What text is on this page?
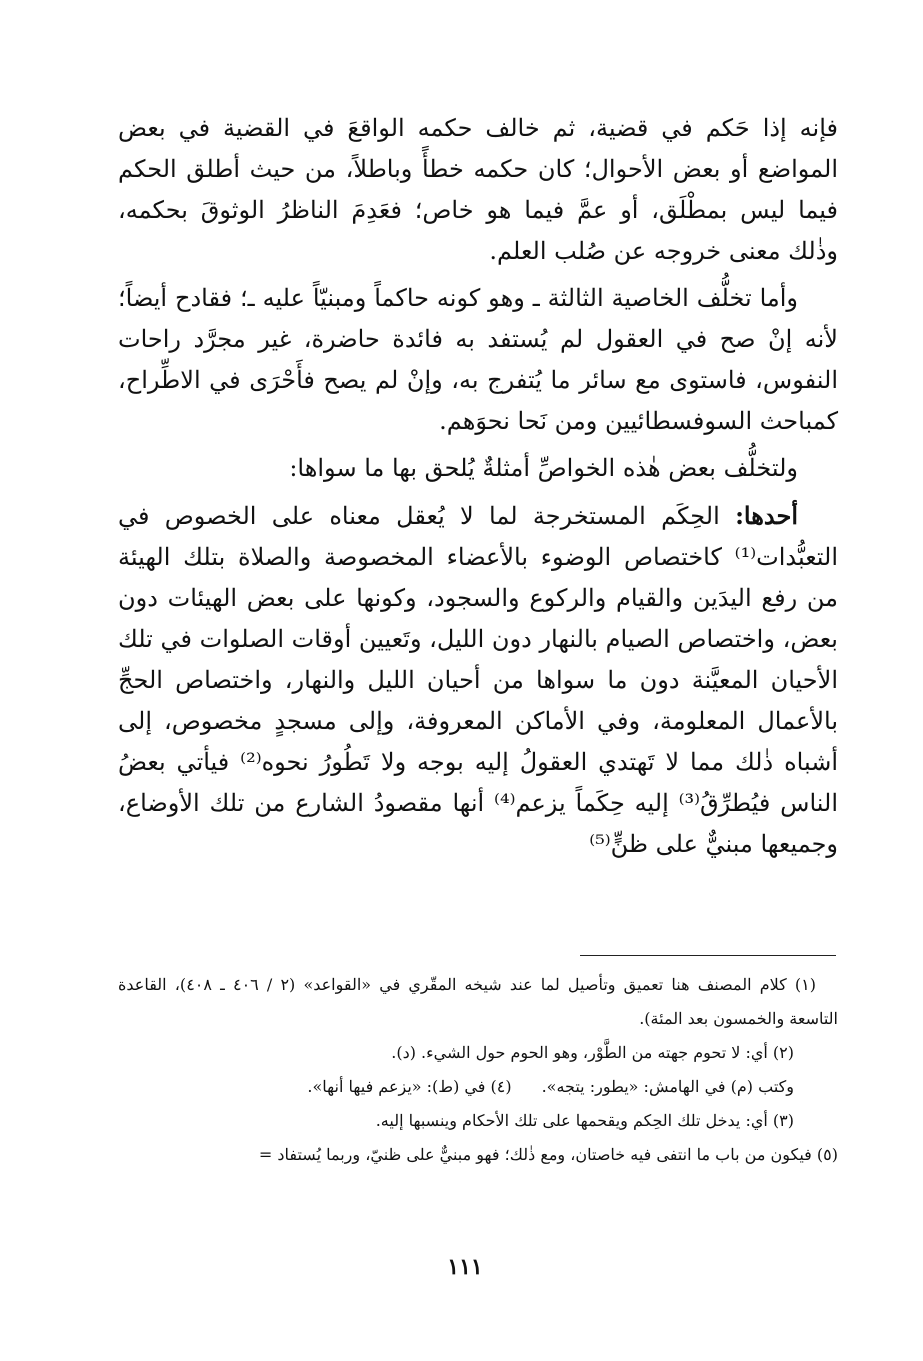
فإنه إذا حَكم في قضية، ثم خالف حكمه الواقعَ في القضية في بعض المواضع أو بعض الأحوال؛ كان حكمه خطأً وباطلاً، من حيث أطلق الحكم فيما ليس بمطْلَق، أو عمَّ فيما هو خاص؛ فعَدِمَ الناظرُ الوثوقَ بحكمه، وذٰلك معنى خروجه عن صُلب العلم.

وأما تخلُّف الخاصية الثالثة ـ وهو كونه حاكماً ومبنيّاً عليه ـ؛ فقادح أيضاً؛ لأنه إنْ صح في العقول لم يُستفد به فائدة حاضرة، غير مجرَّد راحات النفوس، فاستوى مع سائر ما يُتفرج به، وإنْ لم يصح فأَحْرَى في الاطِّراح، كمباحث السوفسطائيين ومن نَحا نحوَهم.

ولتخلُّف بعض هٰذه الخواصِّ أمثلةٌ يُلحق بها ما سواها:

أحدها: الحِكَم المستخرجة لما لا يُعقل معناه على الخصوص في التعبُّدات⁽¹⁾ كاختصاص الوضوء بالأعضاء المخصوصة والصلاة بتلك الهيئة من رفع اليدَين والقيام والركوع والسجود، وكونها على بعض الهيئات دون بعض، واختصاص الصيام بالنهار دون الليل، وتَعيين أوقات الصلوات في تلك الأحيان المعيَّنة دون ما سواها من أحيان الليل والنهار، واختصاص الحجِّ بالأعمال المعلومة، وفي الأماكن المعروفة، وإلى مسجدٍ مخصوص، إلى أشباه ذٰلك مما لا تَهتدي العقولُ إليه بوجه ولا تَطُورُ نحوه⁽²⁾ فيأتي بعضُ الناس فيُطرِّقُ⁽³⁾ إليه حِكَماً يزعم⁽⁴⁾ أنها مقصودُ الشارع من تلك الأوضاع، وجميعها مبنيٌّ على ظنٍّ⁽⁵⁾

(١) كلام المصنف هنا تعميق وتأصيل لما عند شيخه المقّري في «القواعد» (٢ / ٤٠٦ ـ ٤٠٨)، القاعدة التاسعة والخمسون بعد المئة).

(٢) أي: لا تحوم جهته من الطَّوْر، وهو الحوم حول الشيء. (د).

وكتب (م) في الهامش: «يطور: يتجه».
(٤) في (ط): «يزعم فيها أنها».

(٣) أي: يدخل تلك الحِكم ويقحمها على تلك الأحكام وينسبها إليه.

(٥) فيكون من باب ما انتفى فيه خاصتان، ومع ذٰلك؛ فهو مبنيٌّ على ظنيّ، وربما يُستفاد =

١١١
